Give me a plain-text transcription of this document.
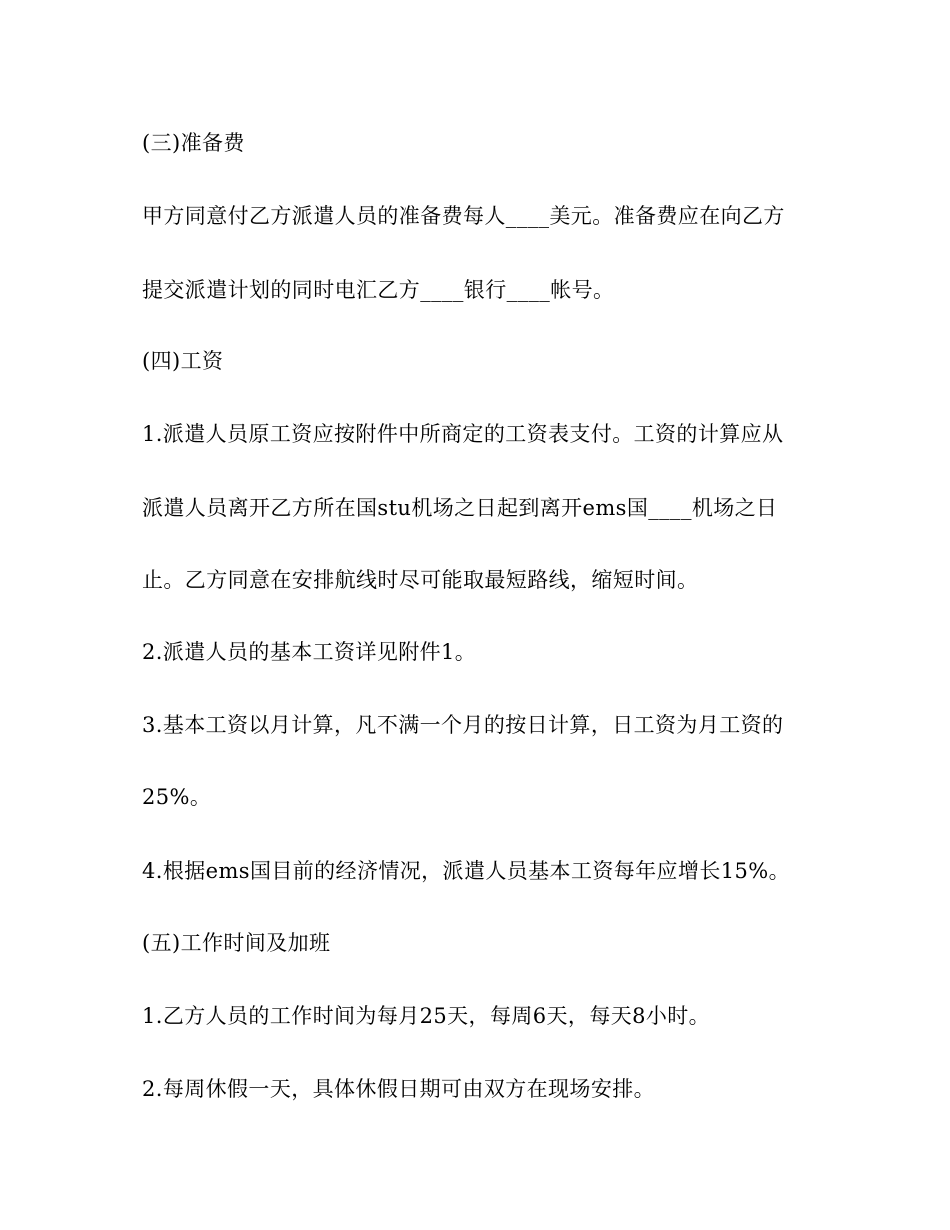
(三)准备费
甲方同意付乙方派遣人员的准备费每人____美元。准备费应在向乙方
提交派遣计划的同时电汇乙方____银行____帐号。
(四)工资
1.派遣人员原工资应按附件中所商定的工资表支付。工资的计算应从
派遣人员离开乙方所在国stu机场之日起到离开ems国____机场之日
止。乙方同意在安排航线时尽可能取最短路线，缩短时间。
2.派遣人员的基本工资详见附件1。
3.基本工资以月计算，凡不满一个月的按日计算，日工资为月工资的
25%。
4.根据ems国目前的经济情况，派遣人员基本工资每年应增长15%。
(五)工作时间及加班
1.乙方人员的工作时间为每月25天，每周6天，每天8小时。
2.每周休假一天，具体休假日期可由双方在现场安排。
